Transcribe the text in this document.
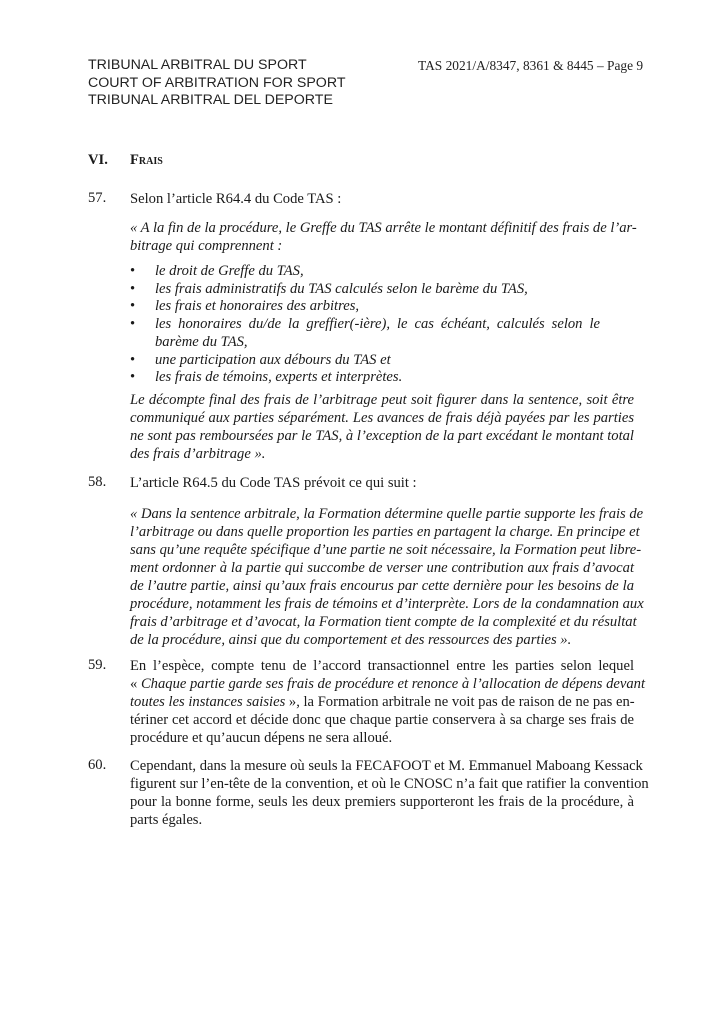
TRIBUNAL ARBITRAL DU SPORT
COURT OF ARBITRATION FOR SPORT
TRIBUNAL ARBITRAL DEL DEPORTE
TAS 2021/A/8347, 8361 & 8445 – Page 9
VI. Frais
57. Selon l’article R64.4 du Code TAS :
« A la fin de la procédure, le Greffe du TAS arrête le montant définitif des frais de l’ar-
bitrage qui comprennent :
• le droit de Greffe du TAS,
• les frais administratifs du TAS calculés selon le barème du TAS,
• les frais et honoraires des arbitres,
• les honoraires du/de la greffier(-ière), le cas échéant, calculés selon le
barème du TAS,
• une participation aux débours du TAS et
• les frais de témoins, experts et interprètes.
Le décompte final des frais de l’arbitrage peut soit figurer dans la sentence, soit être
communiqué aux parties séparément. Les avances de frais déjà payées par les parties
ne sont pas remboursées par le TAS, à l’exception de la part excédant le montant total
des frais d’arbitrage ».
58. L’article R64.5 du Code TAS prévoit ce qui suit :
« Dans la sentence arbitrale, la Formation détermine quelle partie supporte les frais de
l’arbitrage ou dans quelle proportion les parties en partagent la charge. En principe et
sans qu’une requête spécifique d’une partie ne soit nécessaire, la Formation peut libre-
ment ordonner à la partie qui succombe de verser une contribution aux frais d’avocat
de l’autre partie, ainsi qu’aux frais encourus par cette dernière pour les besoins de la
procédure, notamment les frais de témoins et d’interprète. Lors de la condamnation aux
frais d’arbitrage et d’avocat, la Formation tient compte de la complexité et du résultat
de la procédure, ainsi que du comportement et des ressources des parties ».
59. En l’espèce, compte tenu de l’accord transactionnel entre les parties selon lequel
« Chaque partie garde ses frais de procédure et renonce à l’allocation de dépens devant
toutes les instances saisies », la Formation arbitrale ne voit pas de raison de ne pas en-
tériner cet accord et décide donc que chaque partie conservera à sa charge ses frais de
procédure et qu’aucun dépens ne sera alloué.
60. Cependant, dans la mesure où seuls la FECAFOOT et M. Emmanuel Maboang Kessack
figurent sur l’en-tête de la convention, et où le CNOSC n’a fait que ratifier la convention
pour la bonne forme, seuls les deux premiers supporteront les frais de la procédure, à
parts égales.
